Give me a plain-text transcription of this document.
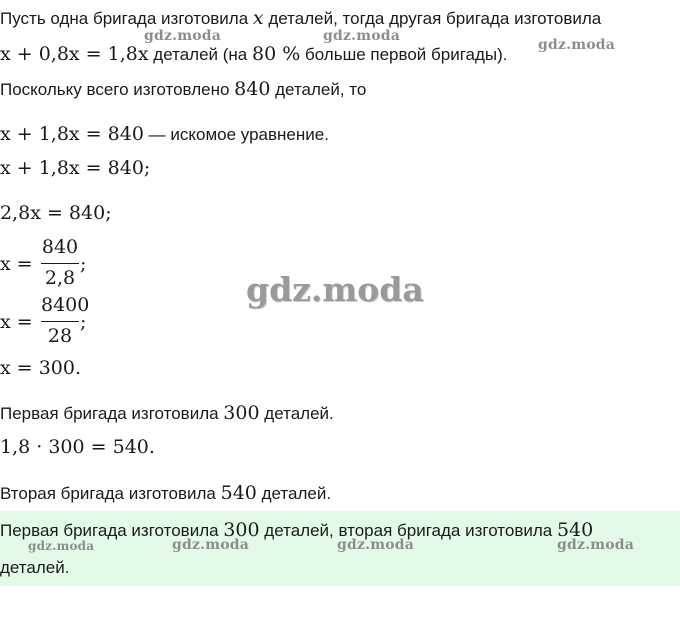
Пусть одна бригада изготовила x деталей, тогда другая бригада изготовила
x + 0,8x = 1,8x деталей (на 80 % больше первой бригады).
Поскольку всего изготовлено 840 деталей, то
x + 1,8x = 840 — искомое уравнение.
x + 1,8x = 840;
2,8x = 840;
x =
840
2,8
;
x =
8400
28
;
x = 300.
Первая бригада изготовила 300 деталей.
1,8 · 300 = 540.
Вторая бригада изготовила 540 деталей.
Первая бригада изготовила 300 деталей, вторая бригада изготовила 540
деталей.
gdz.moda	gdz.moda
gdz.moda
gdz.moda	gdz.moda	gdz.moda	gdz.moda
gdz.moda
